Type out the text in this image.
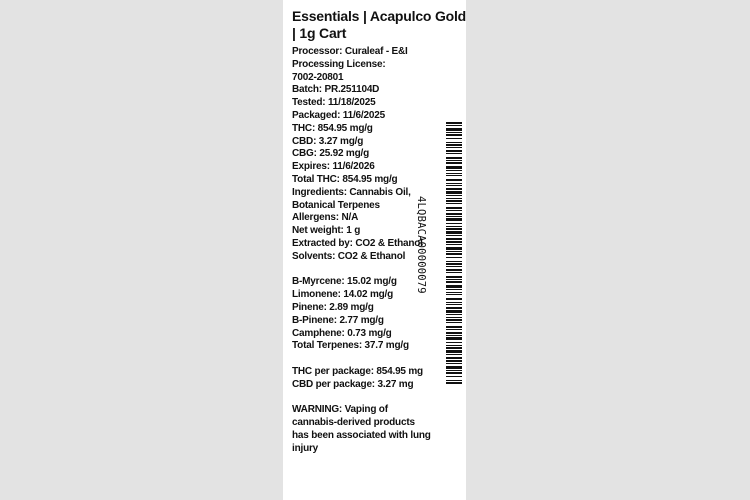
Essentials | Acapulco Gold | 1g Cart
Processor: Curaleaf - E&I
Processing License:
7002-20801
Batch: PR.251104D
Tested: 11/18/2025
Packaged: 11/6/2025
THC: 854.95 mg/g
CBD: 3.27 mg/g
CBG: 25.92 mg/g
Expires: 11/6/2026
Total THC: 854.95 mg/g
Ingredients: Cannabis Oil, Botanical Terpenes
Allergens: N/A
Net weight: 1 g
Extracted by: CO2 & Ethanol
Solvents: CO2 & Ethanol
B-Myrcene: 15.02 mg/g
Limonene: 14.02 mg/g
Pinene: 2.89 mg/g
B-Pinene: 2.77 mg/g
Camphene: 0.73 mg/g
Total Terpenes: 37.7 mg/g
THC per package: 854.95 mg
CBD per package: 3.27 mg
WARNING: Vaping of cannabis-derived products has been associated with lung injury
4LQBACA00000079
